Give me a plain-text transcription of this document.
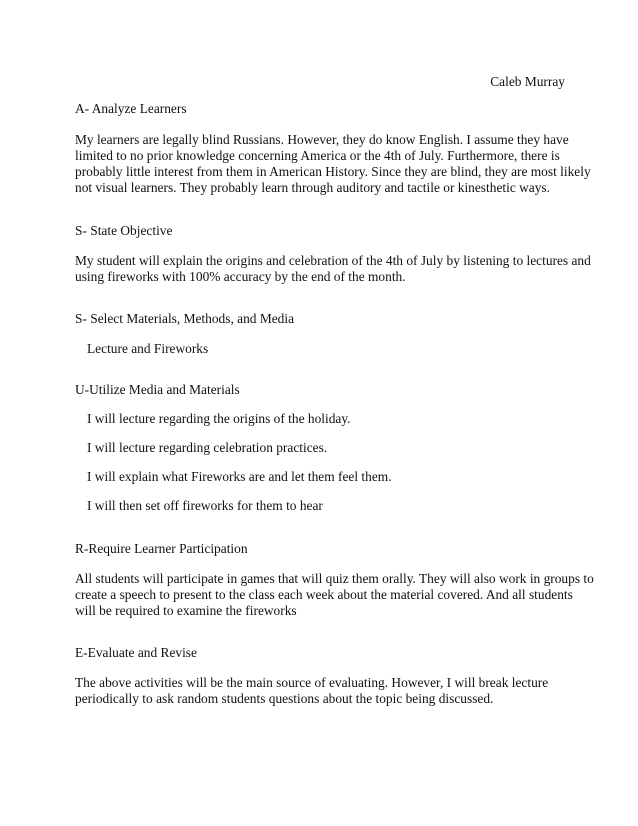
Caleb Murray
A- Analyze Learners
My learners are legally blind Russians. However, they do know English. I assume they have
limited to no prior knowledge concerning America or the 4th of July. Furthermore, there is
probably little interest from them in American History. Since they are blind, they are most likely
not visual learners. They probably learn through auditory and tactile or kinesthetic ways.
S- State Objective
My student will explain the origins and celebration of the 4th of July by listening to lectures and
using fireworks with 100% accuracy by the end of the month.
S- Select Materials, Methods, and Media
Lecture and Fireworks
U-Utilize Media and Materials
I will lecture regarding the origins of the holiday.
I will lecture regarding celebration practices.
I will explain what Fireworks are and let them feel them.
I will then set off fireworks for them to hear
R-Require Learner Participation
All students will participate in games that will quiz them orally. They will also work in groups to
create a speech to present to the class each week about the material covered. And all students
will be required to examine the fireworks
E-Evaluate and Revise
The above activities will be the main source of evaluating. However, I will break lecture
periodically to ask random students questions about the topic being discussed.
